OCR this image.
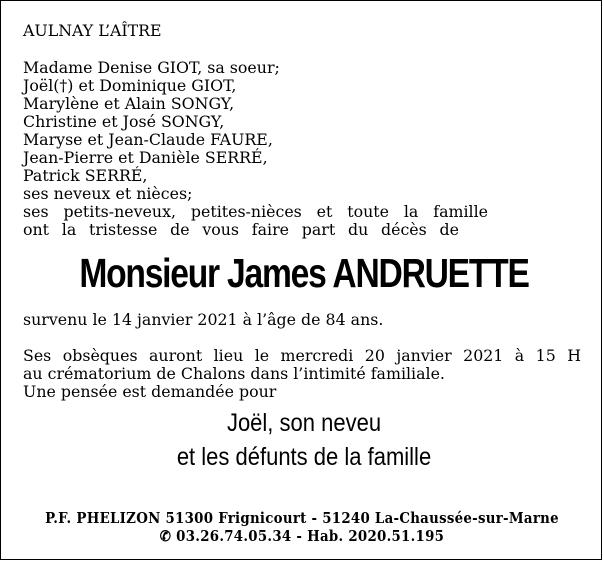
AULNAY L’AÎTRE
Madame Denise GIOT, sa soeur;
Joël(†) et Dominique GIOT,
Marylène et Alain SONGY,
Christine et José SONGY,
Maryse et Jean-Claude FAURE,
Jean-Pierre et Danièle SERRÉ,
Patrick SERRÉ,
ses neveux et nièces;
ses petits-neveux, petites-nièces et toute la famille
ont la tristesse de vous faire part du décès de
Monsieur James ANDRUETTE
survenu le 14 janvier 2021 à l’âge de 84 ans.
Ses obsèques auront lieu le mercredi 20 janvier 2021 à 15 H
au crématorium de Chalons dans l’intimité familiale.
Une pensée est demandée pour
Joël, son neveu
et les défunts de la famille
P.F. PHELIZON 51300 Frignicourt - 51240 La-Chaussée-sur-Marne
✆ 03.26.74.05.34 - Hab. 2020.51.195
